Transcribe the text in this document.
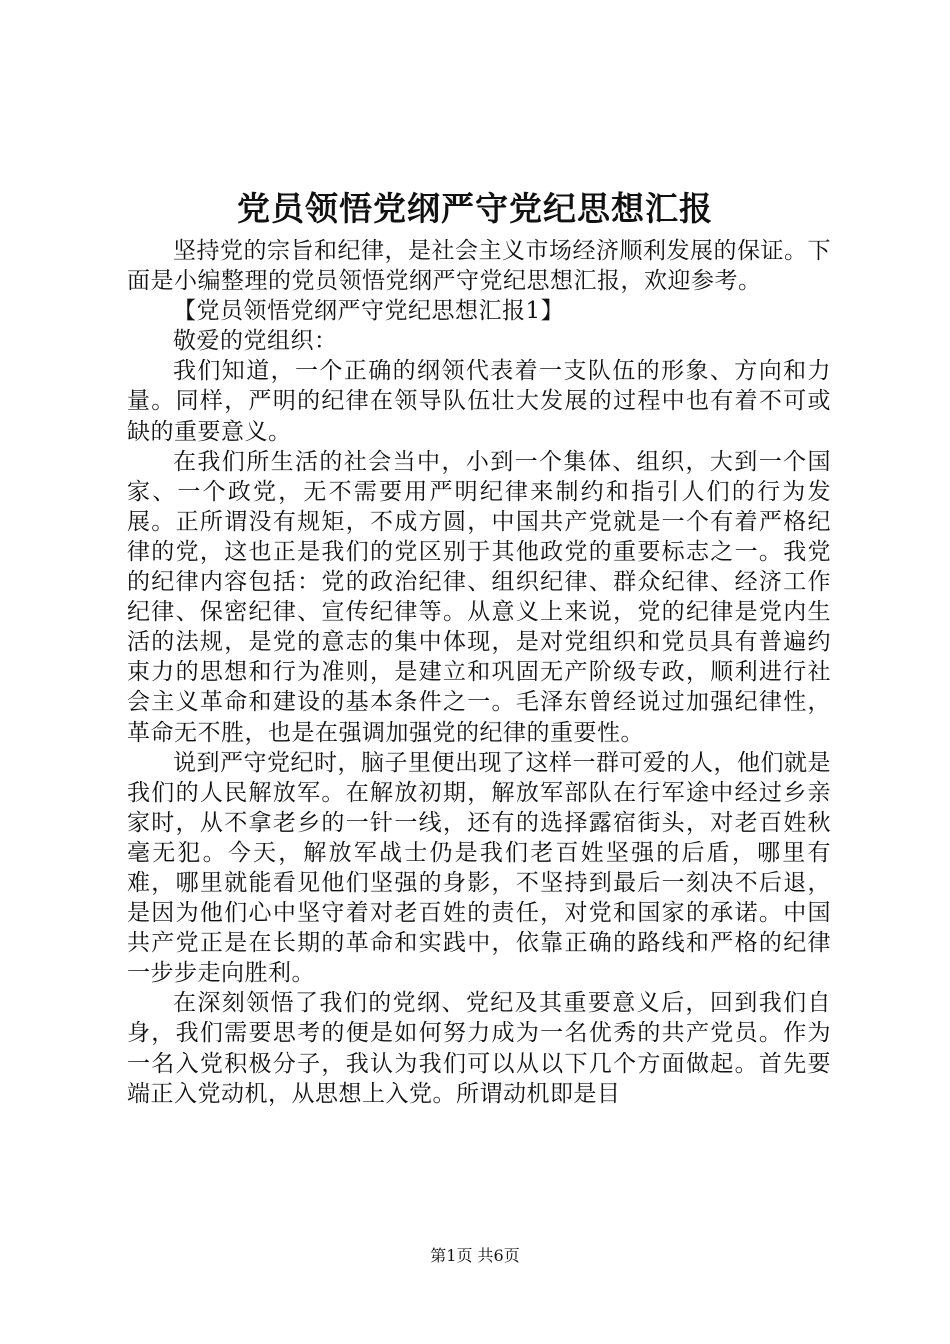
党员领悟党纲严守党纪思想汇报

坚持党的宗旨和纪律，是社会主义市场经济顺利发展的保证。下面是小编整理的党员领悟党纲严守党纪思想汇报，欢迎参考。

【党员领悟党纲严守党纪思想汇报1】

敬爱的党组织：

我们知道，一个正确的纲领代表着一支队伍的形象、方向和力量。同样，严明的纪律在领导队伍壮大发展的过程中也有着不可或缺的重要意义。

在我们所生活的社会当中，小到一个集体、组织，大到一个国家、一个政党，无不需要用严明纪律来制约和指引人们的行为发展。正所谓没有规矩，不成方圆，中国共产党就是一个有着严格纪律的党，这也正是我们的党区别于其他政党的重要标志之一。我党的纪律内容包括：党的政治纪律、组织纪律、群众纪律、经济工作纪律、保密纪律、宣传纪律等。从意义上来说，党的纪律是党内生活的法规，是党的意志的集中体现，是对党组织和党员具有普遍约束力的思想和行为准则，是建立和巩固无产阶级专政，顺利进行社会主义革命和建设的基本条件之一。毛泽东曾经说过加强纪律性，革命无不胜，也是在强调加强党的纪律的重要性。

说到严守党纪时，脑子里便出现了这样一群可爱的人，他们就是我们的人民解放军。在解放初期，解放军部队在行军途中经过乡亲家时，从不拿老乡的一针一线，还有的选择露宿街头，对老百姓秋毫无犯。今天，解放军战士仍是我们老百姓坚强的后盾，哪里有难，哪里就能看见他们坚强的身影，不坚持到最后一刻决不后退，是因为他们心中坚守着对老百姓的责任，对党和国家的承诺。中国共产党正是在长期的革命和实践中，依靠正确的路线和严格的纪律一步步走向胜利。

在深刻领悟了我们的党纲、党纪及其重要意义后，回到我们自身，我们需要思考的便是如何努力成为一名优秀的共产党员。作为一名入党积极分子，我认为我们可以从以下几个方面做起。首先要端正入党动机，从思想上入党。所谓动机即是目

第1页 共6页
